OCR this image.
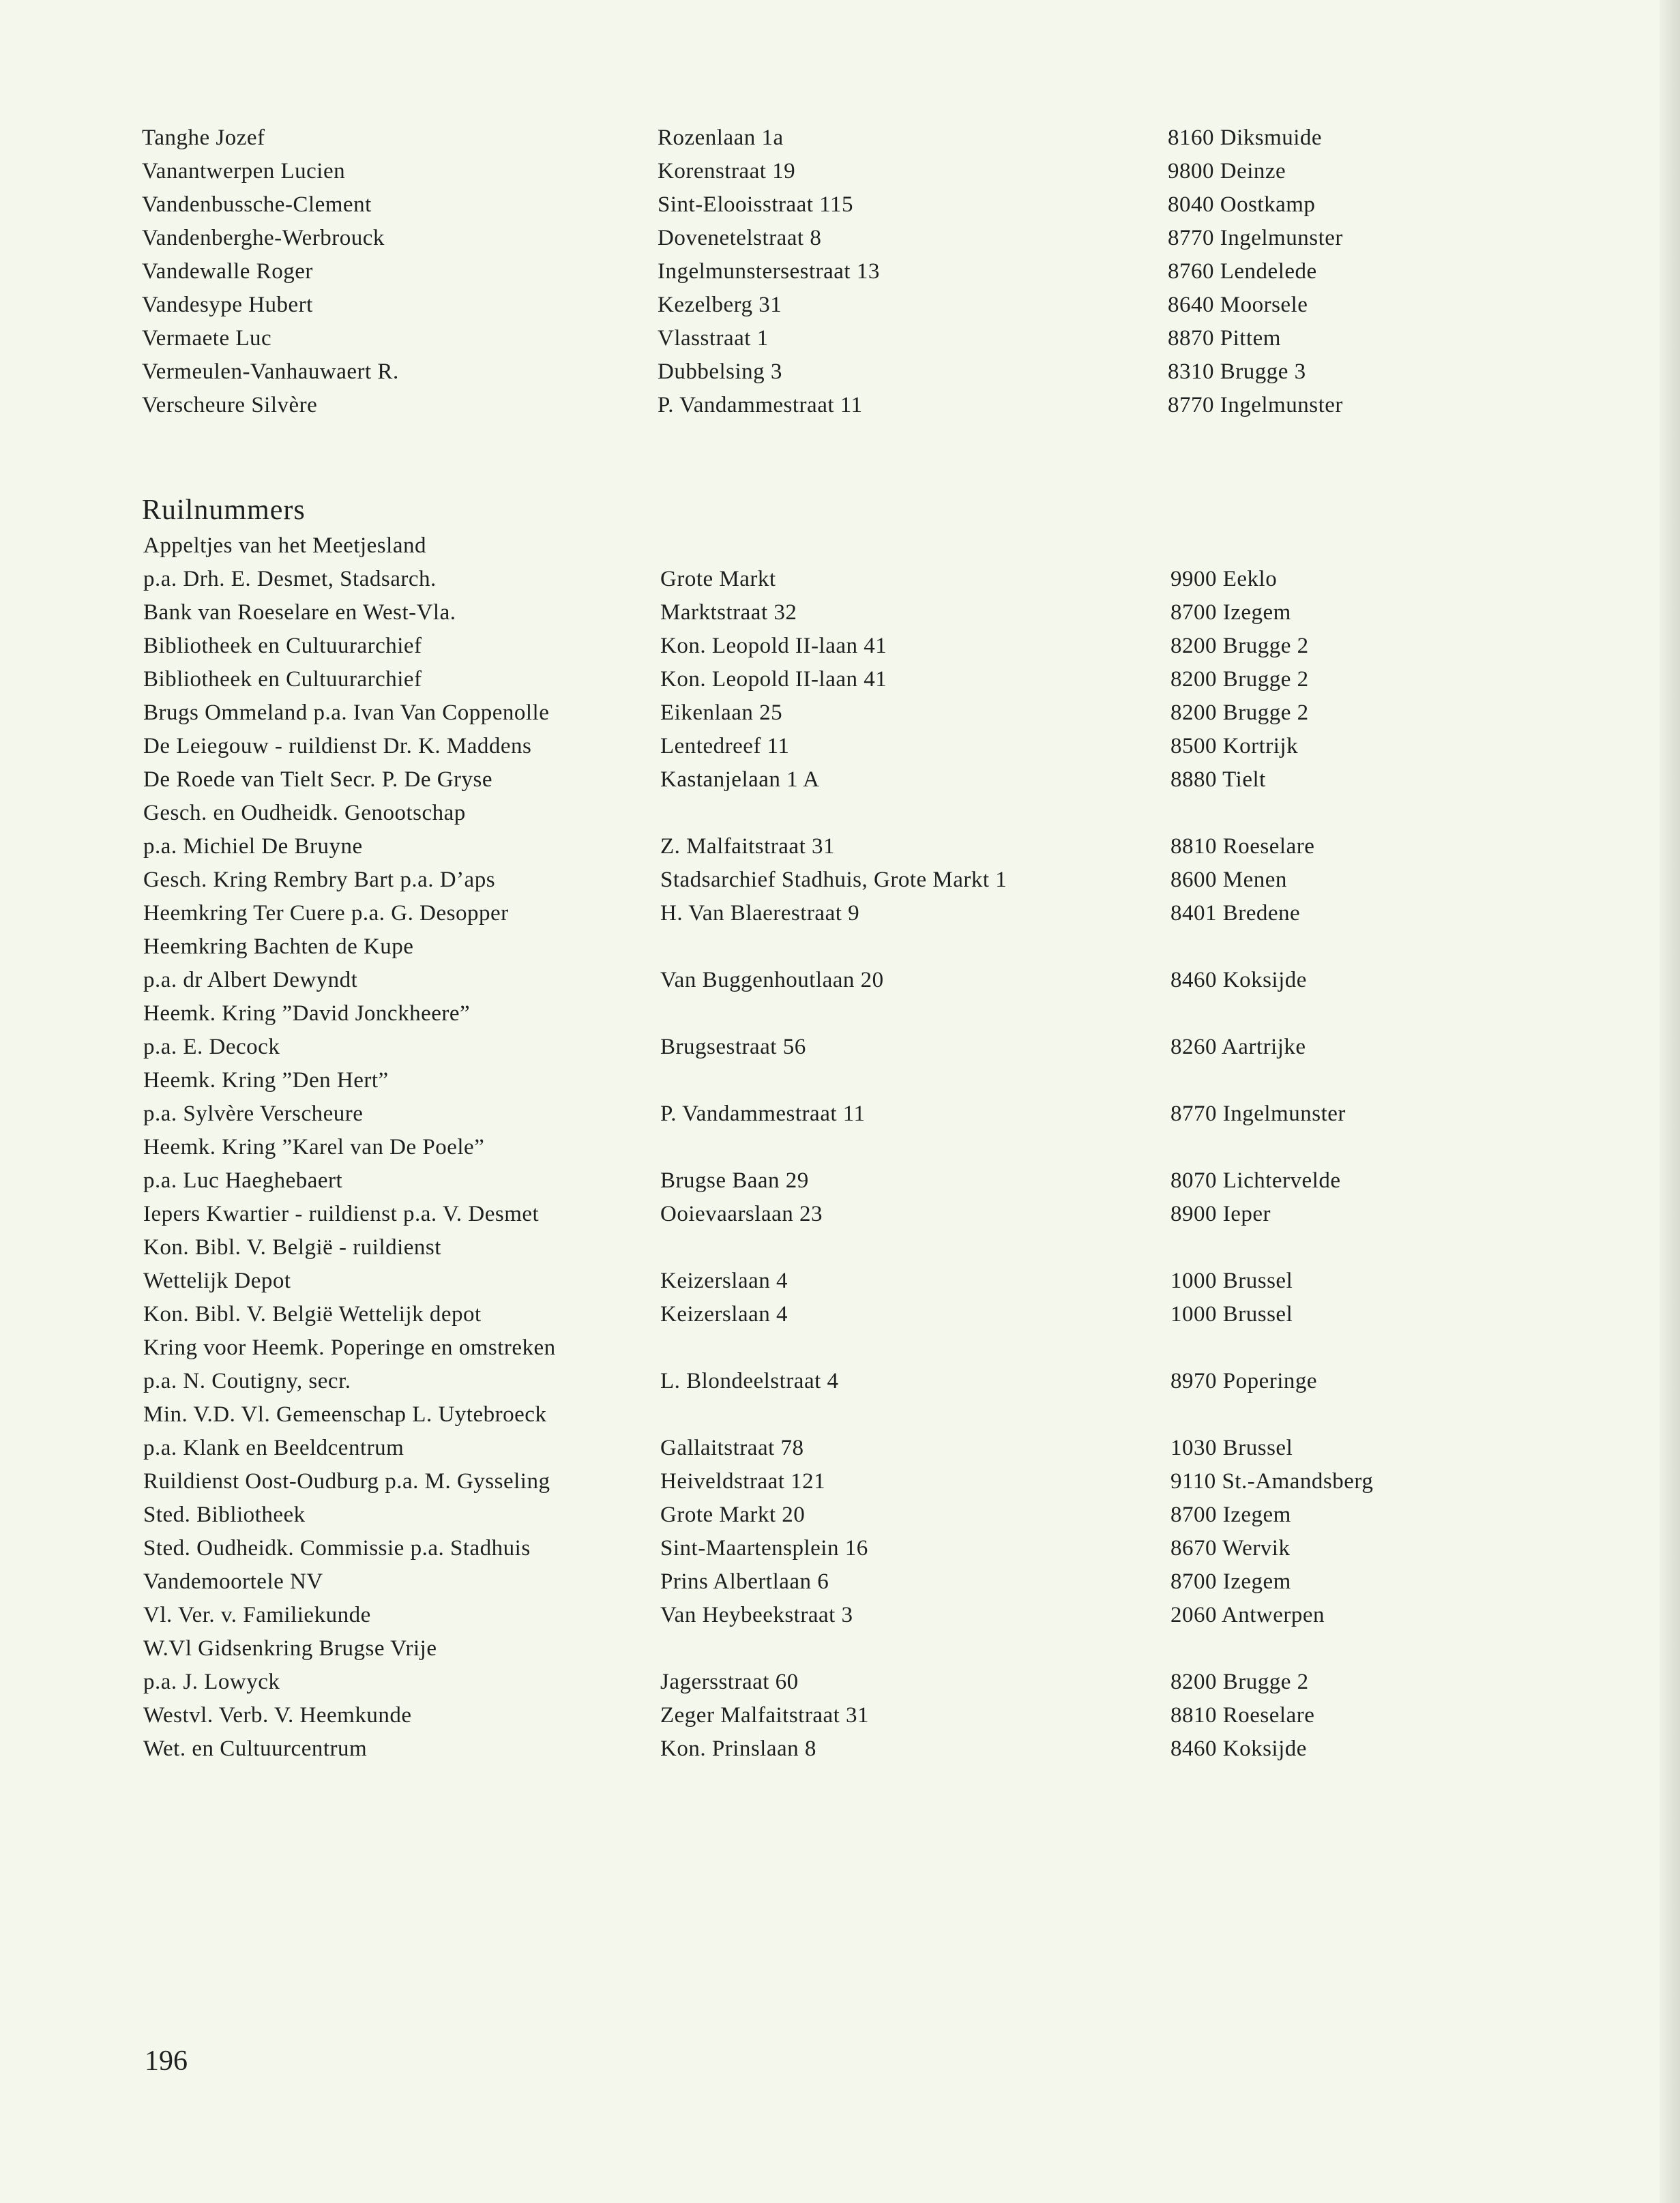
Tanghe Jozef	Rozenlaan 1a	8160 Diksmuide
Vanantwerpen Lucien	Korenstraat 19	9800 Deinze
Vandenbussche-Clement	Sint-Elooisstraat 115	8040 Oostkamp
Vandenberghe-Werbrouck	Dovenetelstraat 8	8770 Ingelmunster
Vandewalle Roger	Ingelmunstersestraat 13	8760 Lendelede
Vandesype Hubert	Kezelberg 31	8640 Moorsele
Vermaete Luc	Vlasstraat 1	8870 Pittem
Vermeulen-Vanhauwaert R.	Dubbelsing 3	8310 Brugge 3
Verscheure Silvère	P. Vandammestraat 11	8770 Ingelmunster
Ruilnummers
Appeltjes van het Meetjesland
p.a. Drh. E. Desmet, Stadsarch.	Grote Markt	9900 Eeklo
Bank van Roeselare en West-Vla.	Marktstraat 32	8700 Izegem
Bibliotheek en Cultuurarchief	Kon. Leopold II-laan 41	8200 Brugge 2
Bibliotheek en Cultuurarchief	Kon. Leopold II-laan 41	8200 Brugge 2
Brugs Ommeland p.a. Ivan Van Coppenolle	Eikenlaan 25	8200 Brugge 2
De Leiegouw - ruildienst Dr. K. Maddens	Lentedreef 11	8500 Kortrijk
De Roede van Tielt Secr. P. De Gryse	Kastanjelaan 1 A	8880 Tielt
Gesch. en Oudheidk. Genootschap
p.a. Michiel De Bruyne	Z. Malfaitstraat 31	8810 Roeselare
Gesch. Kring Rembry Bart p.a. D’aps	Stadsarchief Stadhuis, Grote Markt 1	8600 Menen
Heemkring Ter Cuere p.a. G. Desopper	H. Van Blaerestraat 9	8401 Bredene
Heemkring Bachten de Kupe
p.a. dr Albert Dewyndt	Van Buggenhoutlaan 20	8460 Koksijde
Heemk. Kring ”David Jonckheere”
p.a. E. Decock	Brugsestraat 56	8260 Aartrijke
Heemk. Kring ”Den Hert”
p.a. Sylvère Verscheure	P. Vandammestraat 11	8770 Ingelmunster
Heemk. Kring ”Karel van De Poele”
p.a. Luc Haeghebaert	Brugse Baan 29	8070 Lichtervelde
Iepers Kwartier - ruildienst p.a. V. Desmet	Ooievaarslaan 23	8900 Ieper
Kon. Bibl. V. België - ruildienst
Wettelijk Depot	Keizerslaan 4	1000 Brussel
Kon. Bibl. V. België Wettelijk depot	Keizerslaan 4	1000 Brussel
Kring voor Heemk. Poperinge en omstreken
p.a. N. Coutigny, secr.	L. Blondeelstraat 4	8970 Poperinge
Min. V.D. Vl. Gemeenschap L. Uytebroeck
p.a. Klank en Beeldcentrum	Gallaitstraat 78	1030 Brussel
Ruildienst Oost-Oudburg p.a. M. Gysseling	Heiveldstraat 121	9110 St.-Amandsberg
Sted. Bibliotheek	Grote Markt 20	8700 Izegem
Sted. Oudheidk. Commissie p.a. Stadhuis	Sint-Maartensplein 16	8670 Wervik
Vandemoortele NV	Prins Albertlaan 6	8700 Izegem
Vl. Ver. v. Familiekunde	Van Heybeekstraat 3	2060 Antwerpen
W.Vl Gidsenkring Brugse Vrije
p.a. J. Lowyck	Jagersstraat 60	8200 Brugge 2
Westvl. Verb. V. Heemkunde	Zeger Malfaitstraat 31	8810 Roeselare
Wet. en Cultuurcentrum	Kon. Prinslaan 8	8460 Koksijde
196
